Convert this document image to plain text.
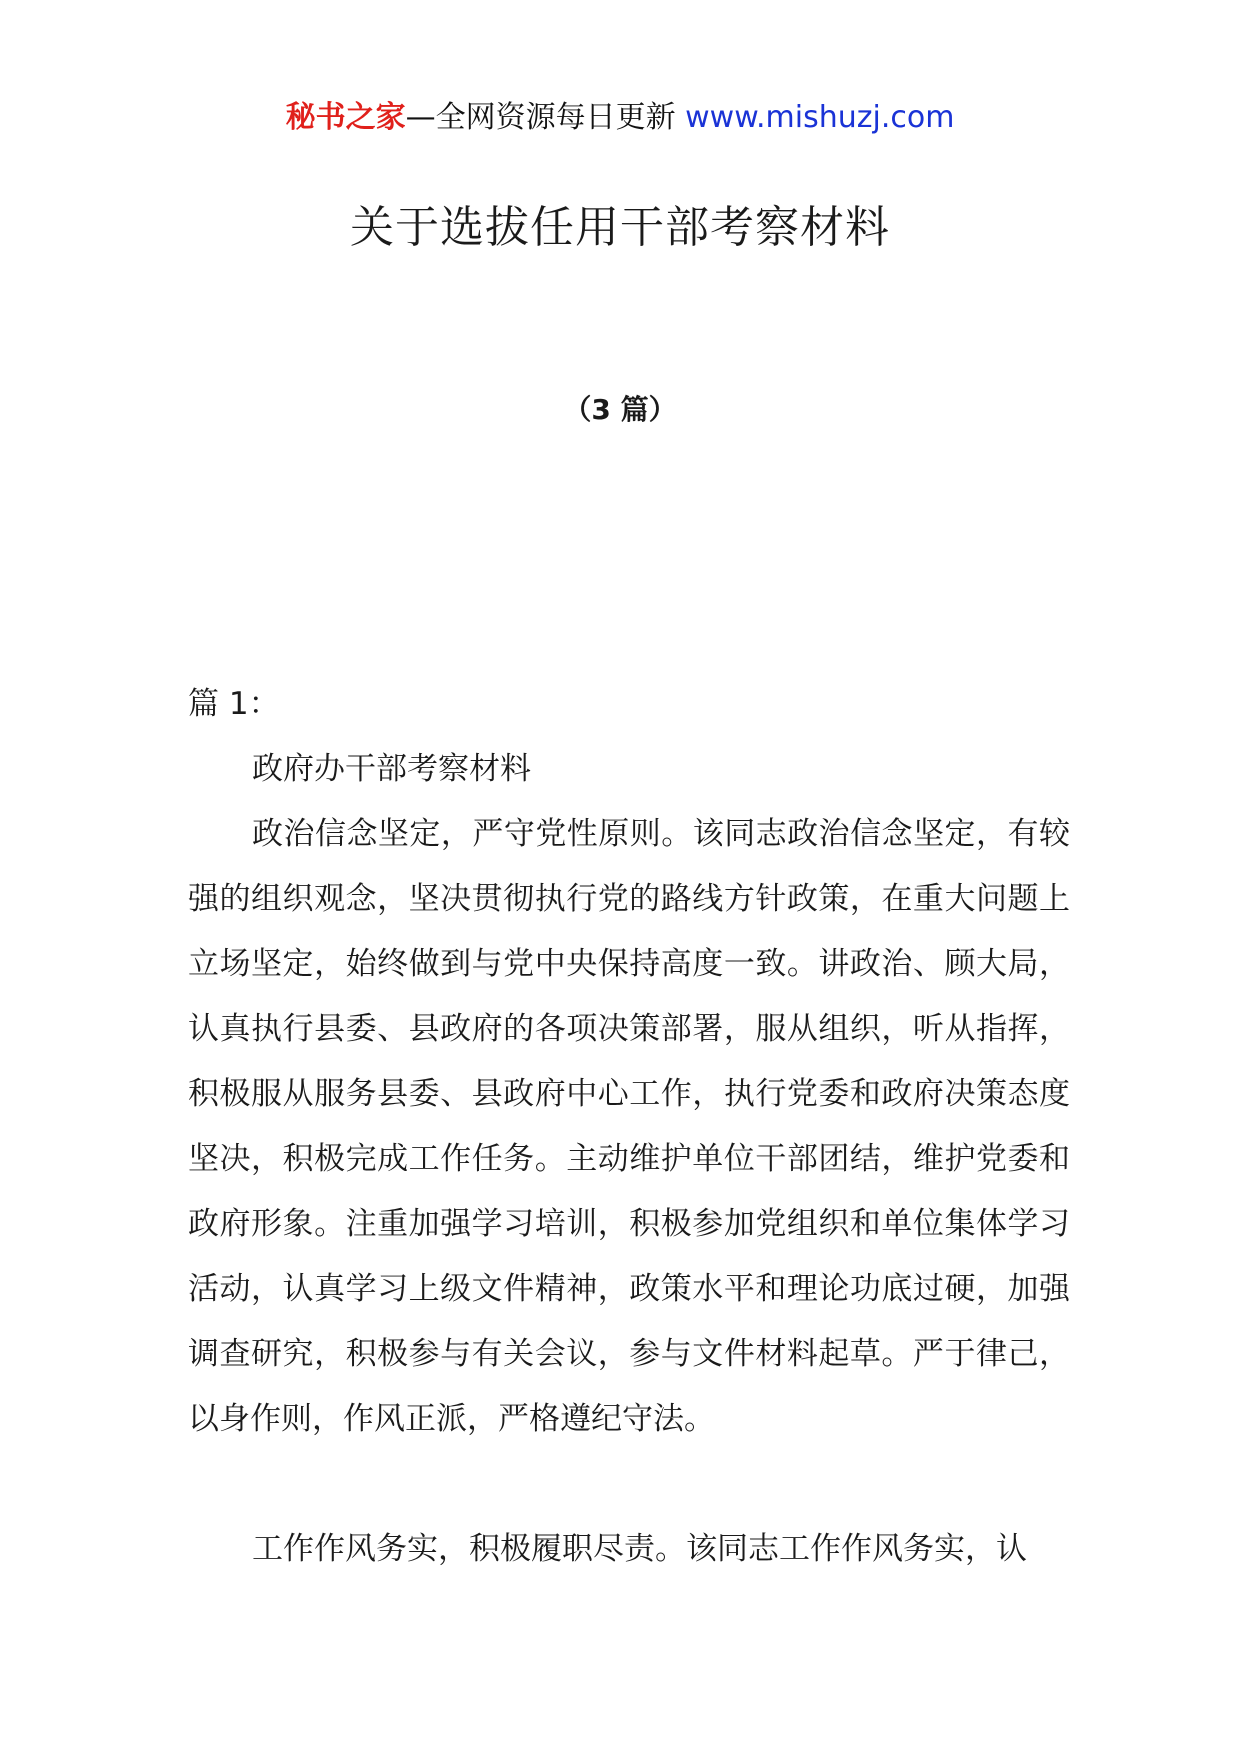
秘书之家—全网资源每日更新 www.mishuzj.com
关于选拔任用干部考察材料
（3 篇）

篇 1：

政府办干部考察材料

政治信念坚定，严守党性原则。该同志政治信念坚定，有较强的组织观念，坚决贯彻执行党的路线方针政策，在重大问题上立场坚定，始终做到与党中央保持高度一致。讲政治、顾大局，认真执行县委、县政府的各项决策部署，服从组织，听从指挥，积极服从服务县委、县政府中心工作，执行党委和政府决策态度坚决，积极完成工作任务。主动维护单位干部团结，维护党委和政府形象。注重加强学习培训，积极参加党组织和单位集体学习活动，认真学习上级文件精神，政策水平和理论功底过硬，加强调查研究，积极参与有关会议，参与文件材料起草。严于律己，以身作则，作风正派，严格遵纪守法。

工作作风务实，积极履职尽责。该同志工作作风务实，认
